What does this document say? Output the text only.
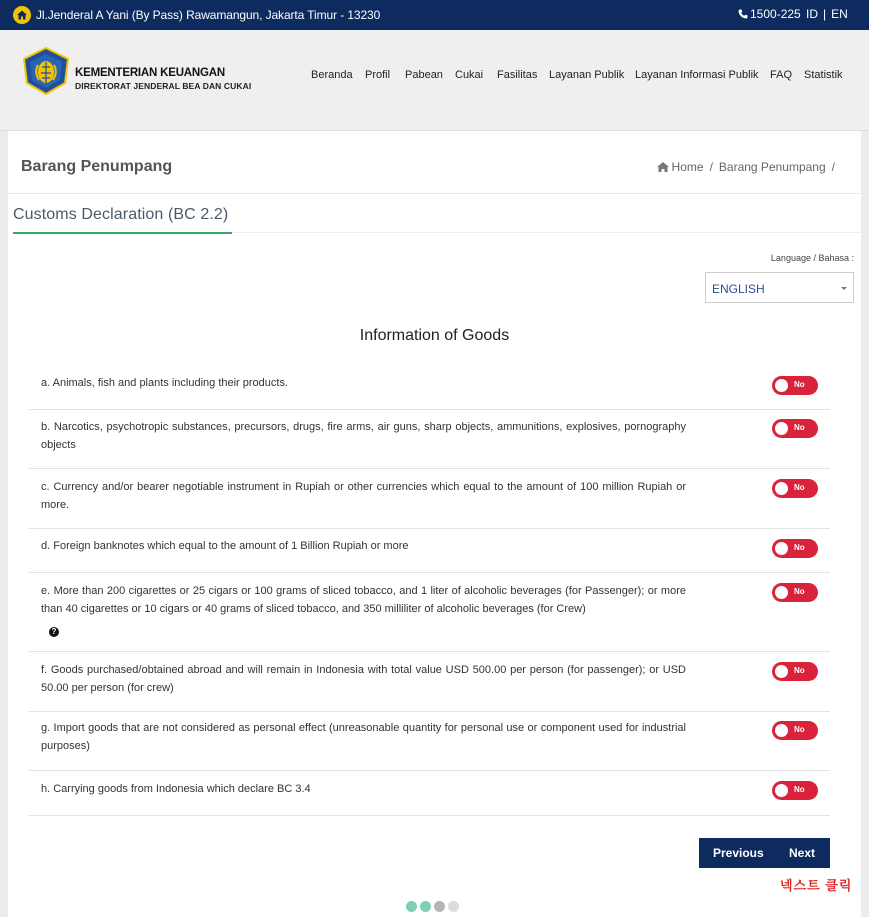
Jl.Jenderal A Yani (By Pass) Rawamangun, Jakarta Timur - 13230	1500-225 ID | EN
KEMENTERIAN KEUANGAN
DIREKTORAT JENDERAL BEA DAN CUKAI
Beranda Profil Pabean Cukai Fasilitas Layanan Publik Layanan Informasi Publik FAQ Statistik
Barang Penumpang	Home / Barang Penumpang /
Customs Declaration (BC 2.2)
Language / Bahasa :
ENGLISH
Information of Goods
a. Animals, fish and plants including their products.	No
b. Narcotics, psychotropic substances, precursors, drugs, fire arms, air guns, sharp objects, ammunitions, explosives, pornography objects
No
c. Currency and/or bearer negotiable instrument in Rupiah or other currencies which equal to the amount of 100 million Rupiah or more.
No
d. Foreign banknotes which equal to the amount of 1 Billion Rupiah or more	No
e. More than 200 cigarettes or 25 cigars or 100 grams of sliced tobacco, and 1 liter of alcoholic beverages (for Passenger); or more than 40 cigarettes or 10 cigars or 40 grams of sliced tobacco, and 350 milliliter of alcoholic beverages (for Crew)
?
No
f. Goods purchased/obtained abroad and will remain in Indonesia with total value USD 500.00 per person (for passenger); or USD 50.00 per person (for crew)
No
g. Import goods that are not considered as personal effect (unreasonable quantity for personal use or component used for industrial purposes)
No
h. Carrying goods from Indonesia which declare BC 3.4	No
Previous Next
넥스트 클릭
